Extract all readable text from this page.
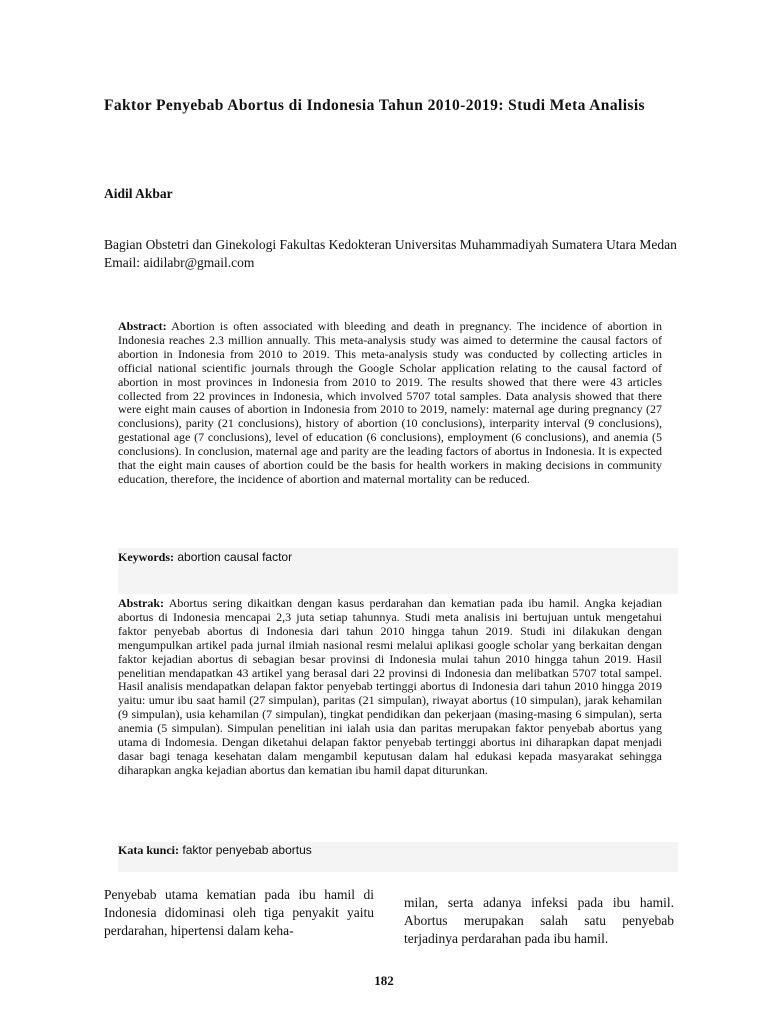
Faktor Penyebab Abortus di Indonesia Tahun 2010-2019: Studi Meta Analisis
Aidil Akbar
Bagian Obstetri dan Ginekologi Fakultas Kedokteran Universitas Muhammadiyah Sumatera Utara Medan
Email: aidilabr@gmail.com

Abstract: Abortion is often associated with bleeding and death in pregnancy. The incidence of abortion in Indonesia reaches 2.3 million annually. This meta-analysis study was aimed to determine the causal factors of abortion in Indonesia from 2010 to 2019. This meta-analysis study was conducted by collecting articles in official national scientific journals through the Google Scholar application relating to the causal factord of abortion in most provinces in Indonesia from 2010 to 2019. The results showed that there were 43 articles collected from 22 provinces in Indonesia, which involved 5707 total samples. Data analysis showed that there were eight main causes of abortion in Indonesia from 2010 to 2019, namely: maternal age during pregnancy (27 conclusions), parity (21 conclusions), history of abortion (10 conclusions), interparity interval (9 conclusions), gestational age (7 conclusions), level of education (6 conclusions), employment (6 conclusions), and anemia (5 conclusions). In conclusion, maternal age and parity are the leading factors of abortus in Indonesia. It is expected that the eight main causes of abortion could be the basis for health workers in making decisions in community education, therefore, the incidence of abortion and maternal mortality can be reduced.

Keywords: abortion causal factor

Abstrak: Abortus sering dikaitkan dengan kasus perdarahan dan kematian pada ibu hamil. Angka kejadian abortus di Indonesia mencapai 2,3 juta setiap tahunnya. Studi meta analisis ini bertujuan untuk mengetahui faktor penyebab abortus di Indonesia dari tahun 2010 hingga tahun 2019. Studi ini dilakukan dengan mengumpulkan artikel pada jurnal ilmiah nasional resmi melalui aplikasi google scholar yang berkaitan dengan faktor kejadian abortus di sebagian besar provinsi di Indonesia mulai tahun 2010 hingga tahun 2019. Hasil penelitian mendapatkan 43 artikel yang berasal dari 22 provinsi di Indonesia dan melibatkan 5707 total sampel. Hasil analisis mendapatkan delapan faktor penyebab tertinggi abortus di Indonesia dari tahun 2010 hingga 2019 yaitu: umur ibu saat hamil (27 simpulan), paritas (21 simpulan), riwayat abortus (10 simpulan), jarak kehamilan (9 simpulan), usia kehamilan (7 simpulan), tingkat pendidikan dan pekerjaan (masing-masing 6 simpulan), serta anemia (5 simpulan). Simpulan penelitian ini ialah usia dan paritas merupakan faktor penyebab abortus yang utama di Indomesia. Dengan diketahui delapan faktor penyebab tertinggi abortus ini diharapkan dapat menjadi dasar bagi tenaga kesehatan dalam mengambil keputusan dalam hal edukasi kepada masyarakat sehingga diharapkan angka kejadian abortus dan kematian ibu hamil dapat diturunkan.

Kata kunci: faktor penyebab abortus
Penyebab utama kematian pada ibu hamil di Indonesia didominasi oleh tiga penyakit yaitu perdarahan, hipertensi dalam keha-
milan, serta adanya infeksi pada ibu hamil. Abortus merupakan salah satu penyebab terjadinya perdarahan pada ibu hamil.
182
